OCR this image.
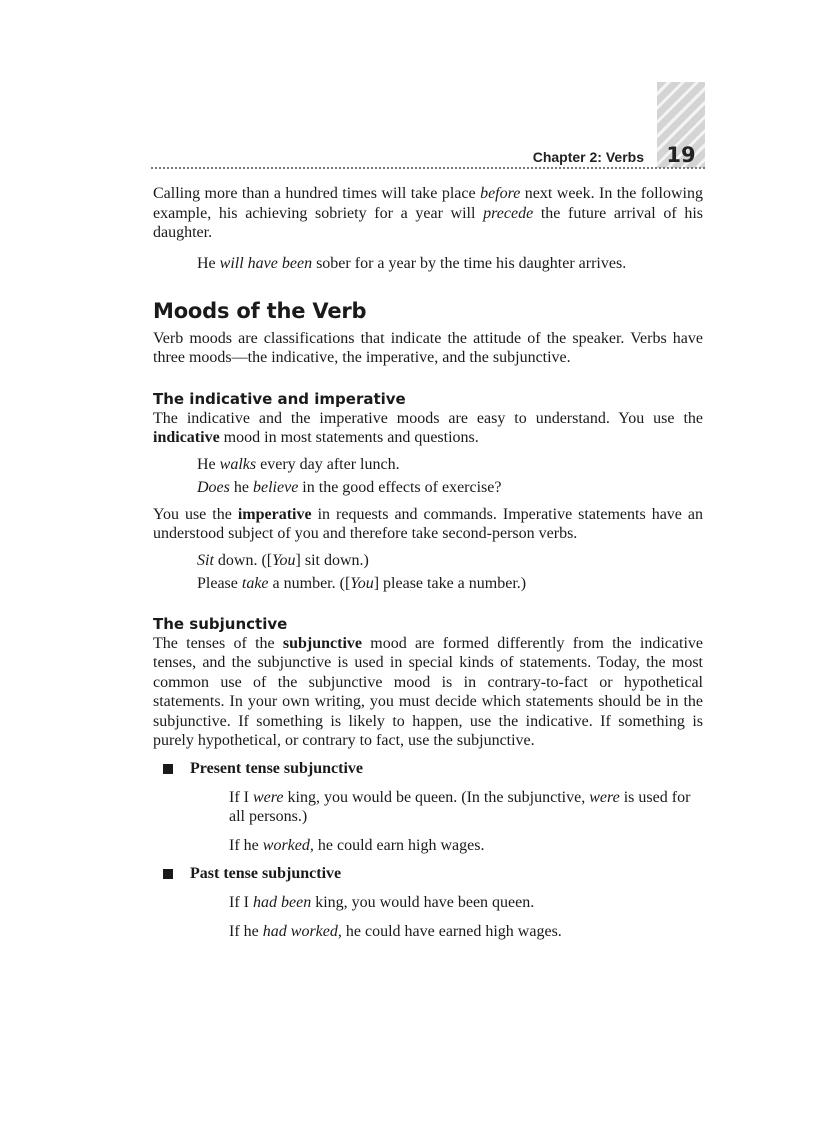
19
Chapter 2: Verbs

Calling more than a hundred times will take place before next week. In the following example, his achieving sobriety for a year will precede the future arrival of his daughter.

He will have been sober for a year by the time his daughter arrives.

Moods of the Verb

Verb moods are classifications that indicate the attitude of the speaker. Verbs have three moods—the indicative, the imperative, and the subjunctive.

The indicative and imperative

The indicative and the imperative moods are easy to understand. You use the indicative mood in most statements and questions.

He walks every day after lunch.

Does he believe in the good effects of exercise?

You use the imperative in requests and commands. Imperative statements have an understood subject of you and therefore take second-person verbs.

Sit down. ([You] sit down.)

Please take a number. ([You] please take a number.)

The subjunctive

The tenses of the subjunctive mood are formed differently from the indicative tenses, and the subjunctive is used in special kinds of statements. Today, the most common use of the subjunctive mood is in contrary-to-fact or hypothetical statements. In your own writing, you must decide which statements should be in the subjunctive. If something is likely to happen, use the indicative. If something is purely hypothetical, or contrary to fact, use the subjunctive.

Present tense subjunctive

If I were king, you would be queen. (In the subjunctive, were is used for all persons.)

If he worked, he could earn high wages.

Past tense subjunctive

If I had been king, you would have been queen.

If he had worked, he could have earned high wages.
